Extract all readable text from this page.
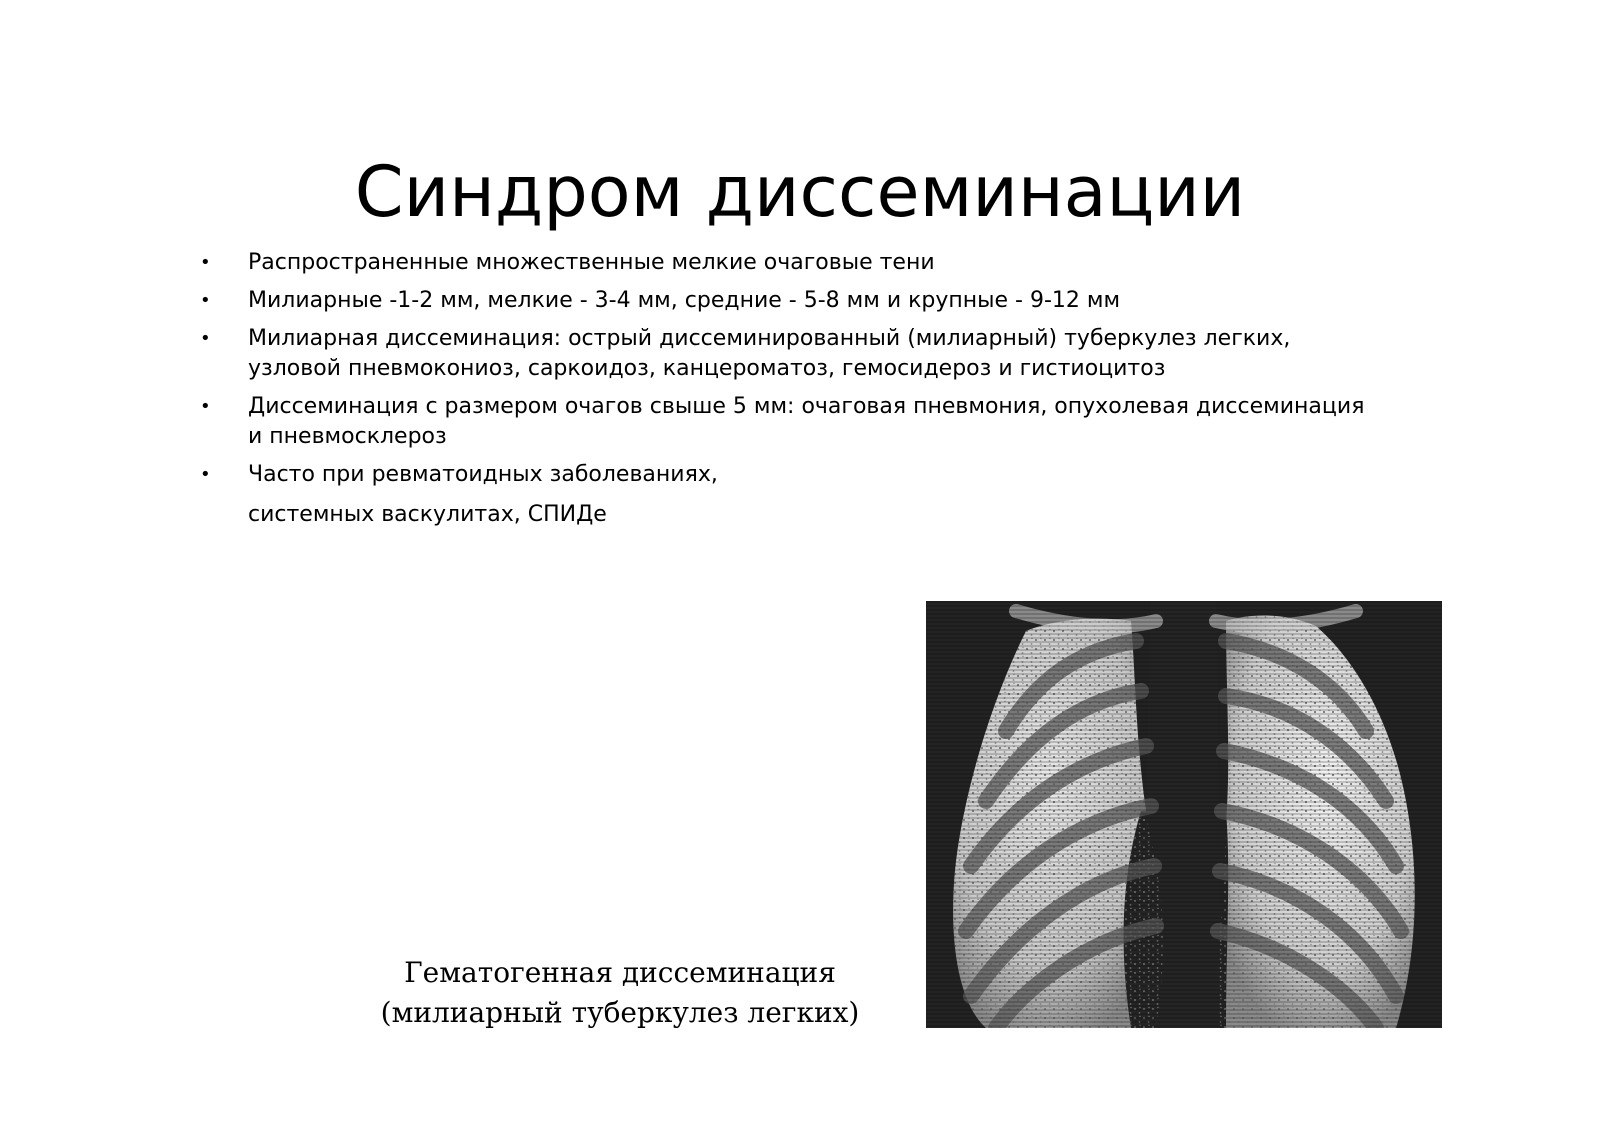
Синдром диссеминации
•	Распространенные множественные мелкие очаговые тени
•	Милиарные -1-2 мм, мелкие - 3-4 мм, средние - 5-8 мм и крупные - 9-12 мм
•	Милиарная диссеминация: острый диссеминированный (милиарный) туберкулез легких, узловой пневмокониоз, саркоидоз, канцероматоз, гемосидероз и гистиоцитоз
•	Диссеминация с размером очагов свыше 5 мм: очаговая пневмония, опухолевая диссеминация и пневмосклероз
•	Часто при ревматоидных заболеваниях,
системных васкулитах, СПИДе
Гематогенная диссеминация
(милиарный туберкулез легких)
